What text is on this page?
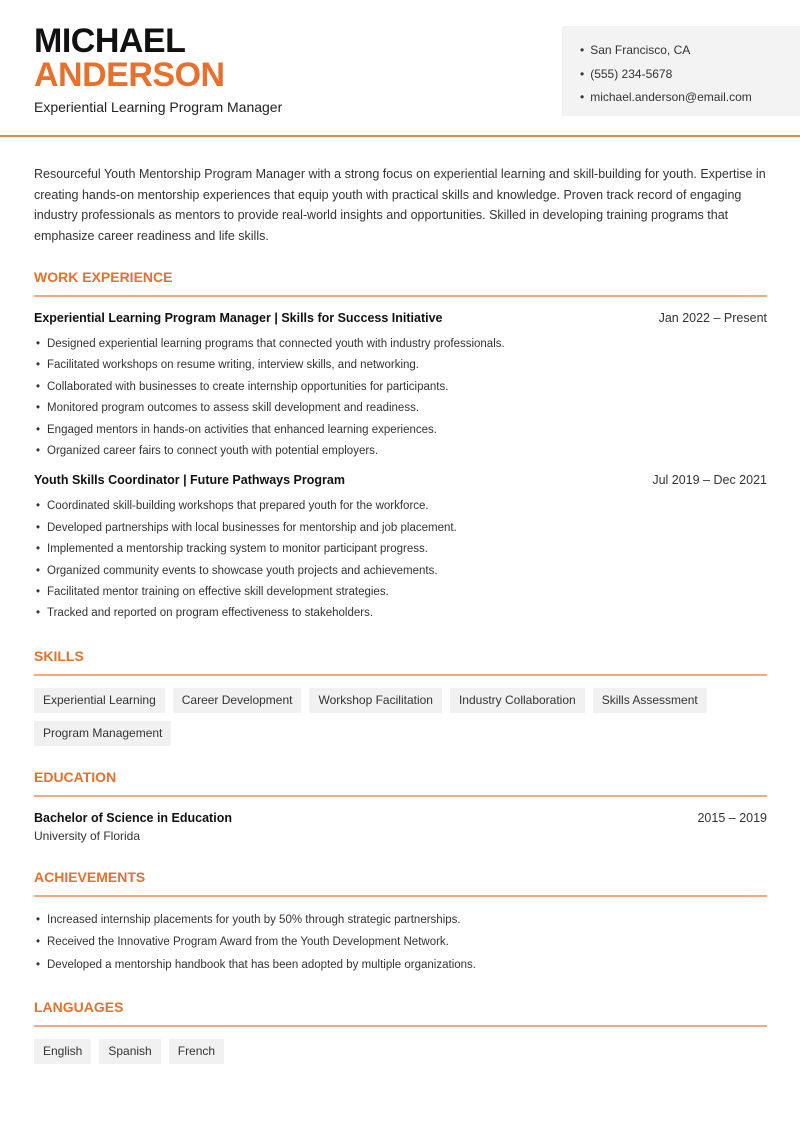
MICHAEL
ANDERSON
Experiential Learning Program Manager
• San Francisco, CA
• (555) 234-5678
• michael.anderson@email.com

Resourceful Youth Mentorship Program Manager with a strong focus on experiential learning and skill-building for youth. Expertise in creating hands-on mentorship experiences that equip youth with practical skills and knowledge. Proven track record of engaging industry professionals as mentors to provide real-world insights and opportunities. Skilled in developing training programs that emphasize career readiness and life skills.

WORK EXPERIENCE
Experiential Learning Program Manager | Skills for Success Initiative	Jan 2022 – Present
• Designed experiential learning programs that connected youth with industry professionals.
• Facilitated workshops on resume writing, interview skills, and networking.
• Collaborated with businesses to create internship opportunities for participants.
• Monitored program outcomes to assess skill development and readiness.
• Engaged mentors in hands-on activities that enhanced learning experiences.
• Organized career fairs to connect youth with potential employers.
Youth Skills Coordinator | Future Pathways Program	Jul 2019 – Dec 2021
• Coordinated skill-building workshops that prepared youth for the workforce.
• Developed partnerships with local businesses for mentorship and job placement.
• Implemented a mentorship tracking system to monitor participant progress.
• Organized community events to showcase youth projects and achievements.
• Facilitated mentor training on effective skill development strategies.
• Tracked and reported on program effectiveness to stakeholders.
SKILLS
Experiential Learning	Career Development	Workshop Facilitation	Industry Collaboration	Skills Assessment
Program Management
EDUCATION
Bachelor of Science in Education	2015 – 2019
University of Florida
ACHIEVEMENTS
• Increased internship placements for youth by 50% through strategic partnerships.
• Received the Innovative Program Award from the Youth Development Network.
• Developed a mentorship handbook that has been adopted by multiple organizations.
LANGUAGES
English	Spanish	French
